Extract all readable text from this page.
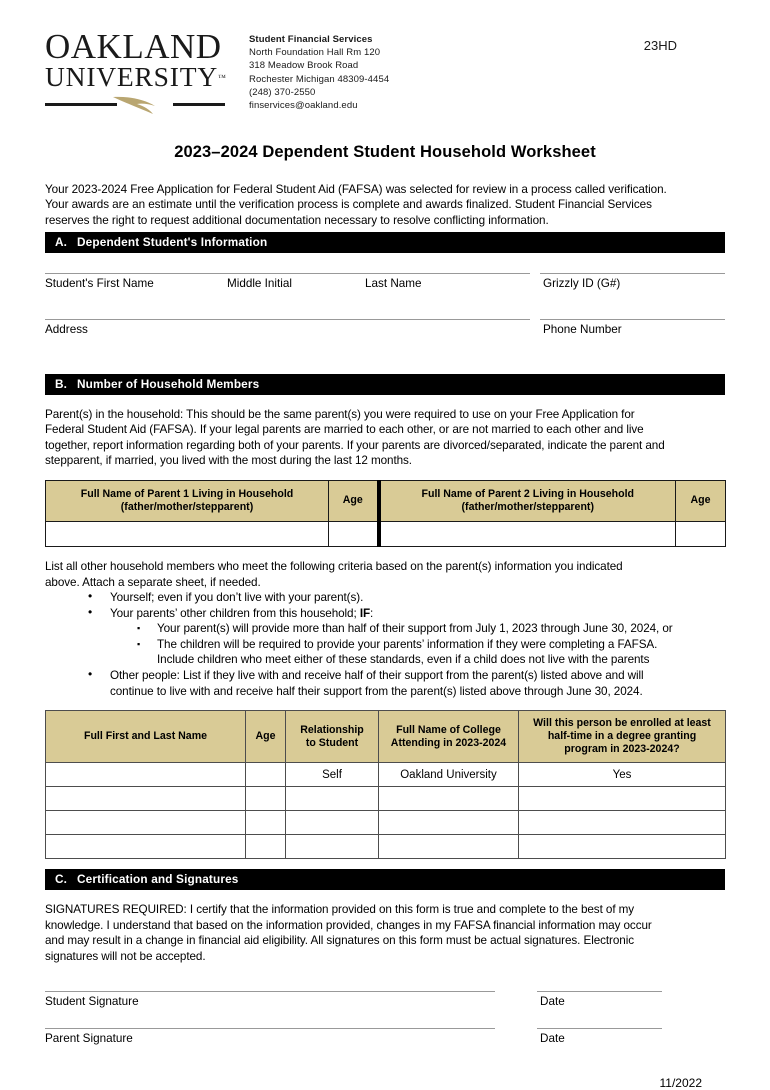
OAKLAND
UNIVERSITY™
Student Financial Services
North Foundation Hall Rm 120
318 Meadow Brook Road
Rochester Michigan 48309-4454
(248) 370-2550
finservices@oakland.edu
23HD
2023–2024 Dependent Student Household Worksheet

Your 2023-2024 Free Application for Federal Student Aid (FAFSA) was selected for review in a process called verification.

Your awards are an estimate until the verification process is complete and awards finalized. Student Financial Services

reserves the right to request additional documentation necessary to resolve conflicting information.

A. Dependent Student's Information
Student's First Name	Middle Initial	Last Name	Grizzly ID (G#)
Address	Phone Number
B. Number of Household Members

Parent(s) in the household: This should be the same parent(s) you were required to use on your Free Application for

Federal Student Aid (FAFSA). If your legal parents are married to each other, or are not married to each other and live

together, report information regarding both of your parents. If your parents are divorced/separated, indicate the parent and

stepparent, if married, you lived with the most during the last 12 months.

Full Name of Parent 1 Living in Household
(father/mother/stepparent)	Age	Full Name of Parent 2 Living in Household
(father/mother/stepparent)	Age

List all other household members who meet the following criteria based on the parent(s) information you indicated

above. Attach a separate sheet, if needed.

• Yourself; even if you don’t live with your parent(s).
• Your parents’ other children from this household; IF:
▪ Your parent(s) will provide more than half of their support from July 1, 2023 through June 30, 2024, or
▪ The children will be required to provide your parents’ information if they were completing a FAFSA.
Include children who meet either of these standards, even if a child does not live with the parents
• Other people: List if they live with and receive half of their support from the parent(s) listed above and will
continue to live with and receive half their support from the parent(s) listed above through June 30, 2024.
Full First and Last Name	Age	Relationship
to Student	Full Name of College
Attending in 2023-2024	Will this person be enrolled at least
half-time in a degree granting
program in 2023-2024?
		Self	Oakland University	Yes

C. Certification and Signatures

SIGNATURES REQUIRED: I certify that the information provided on this form is true and complete to the best of my

knowledge. I understand that based on the information provided, changes in my FAFSA financial information may occur

and may result in a change in financial aid eligibility. All signatures on this form must be actual signatures. Electronic

signatures will not be accepted.

Student Signature	Date
Parent Signature	Date
11/2022
